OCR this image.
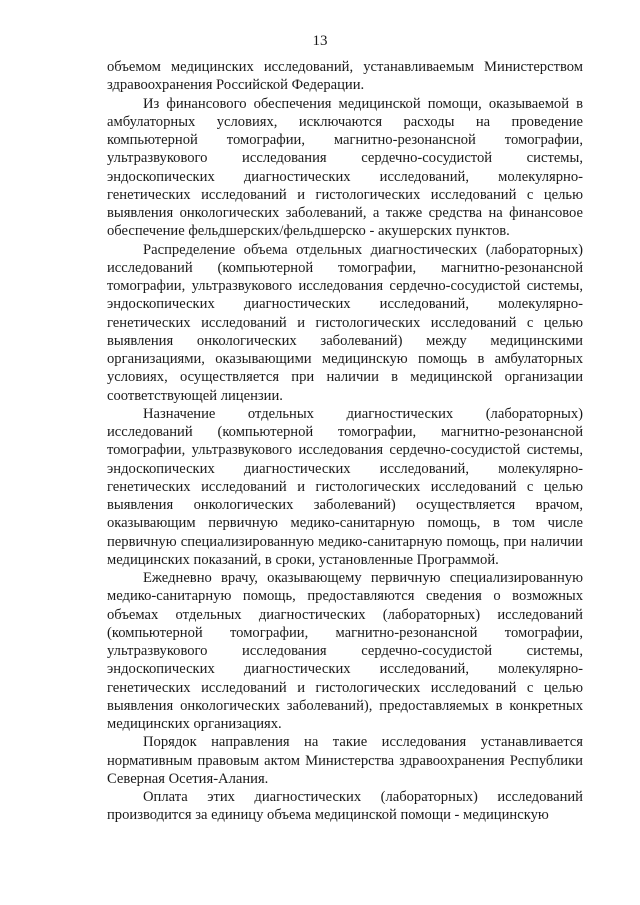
13

объемом медицинских исследований, устанавливаемым Министерством здравоохранения Российской Федерации.

Из финансового обеспечения медицинской помощи, оказываемой в амбулаторных условиях, исключаются расходы на проведение компьютерной томографии, магнитно-резонансной томографии, ультразвукового исследования сердечно-сосудистой системы, эндоскопических диагностических исследований, молекулярно-генетических исследований и гистологических исследований с целью выявления онкологических заболеваний, а также средства на финансовое обеспечение фельдшерских/фельдшерско - акушерских пунктов.

Распределение объема отдельных диагностических (лабораторных) исследований (компьютерной томографии, магнитно-резонансной томографии, ультразвукового исследования сердечно-сосудистой системы, эндоскопических диагностических исследований, молекулярно-генетических исследований и гистологических исследований с целью выявления онкологических заболеваний) между медицинскими организациями, оказывающими медицинскую помощь в амбулаторных условиях, осуществляется при наличии в медицинской организации соответствующей лицензии.

Назначение отдельных диагностических (лабораторных) исследований (компьютерной томографии, магнитно-резонансной томографии, ультразвукового исследования сердечно-сосудистой системы, эндоскопических диагностических исследований, молекулярно-генетических исследований и гистологических исследований с целью выявления онкологических заболеваний) осуществляется врачом, оказывающим первичную медико-санитарную помощь, в том числе первичную специализированную медико-санитарную помощь, при наличии медицинских показаний, в сроки, установленные Программой.

Ежедневно врачу, оказывающему первичную специализированную медико-санитарную помощь, предоставляются сведения о возможных объемах отдельных диагностических (лабораторных) исследований (компьютерной томографии, магнитно-резонансной томографии, ультразвукового исследования сердечно-сосудистой системы, эндоскопических диагностических исследований, молекулярно-генетических исследований и гистологических исследований с целью выявления онкологических заболеваний), предоставляемых в конкретных медицинских организациях.

Порядок направления на такие исследования устанавливается нормативным правовым актом Министерства здравоохранения Республики Северная Осетия-Алания.

Оплата этих диагностических (лабораторных) исследований производится за единицу объема медицинской помощи - медицинскую
